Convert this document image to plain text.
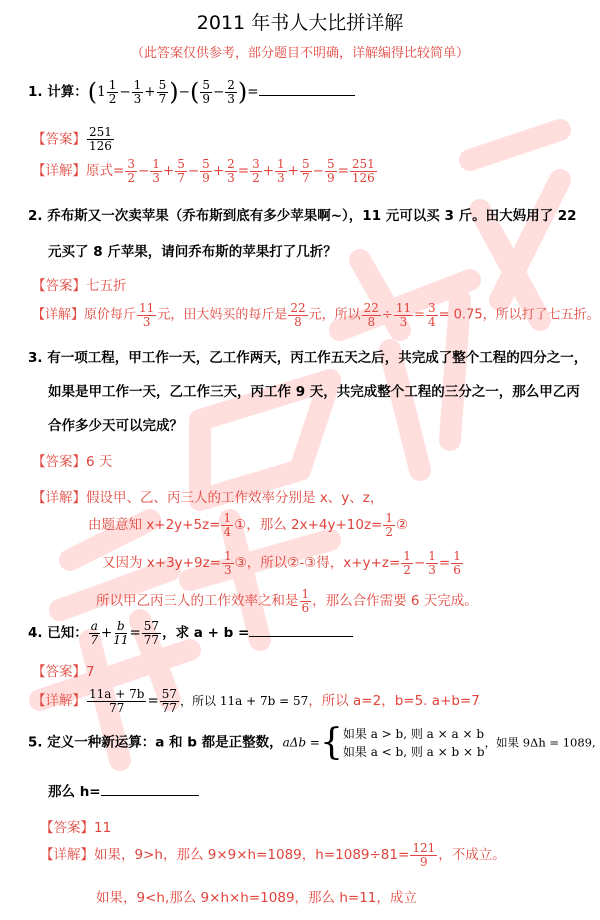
2011 年书人大比拼详解
（此答案仅供参考，部分题目不明确，详解编得比较简单）
1. 计算：($1 \frac{1}{2} - \frac{1}{3} + \frac{5}{7}$ )−( $\frac{5}{9} - \frac{2}{3}$ )=
【答案】 $\frac{251}{126}$
【详解】原式= $\frac{3}{2} - \frac{1}{3} + \frac{5}{7} - \frac{5}{9} + \frac{2}{3} = \frac{3}{2} + \frac{1}{3} + \frac{5}{7} - \frac{5}{9} = \frac{251}{126}$
2. 乔布斯又一次卖苹果（乔布斯到底有多少苹果啊~），11 元可以买 3 斤。田大妈用了 22
元买了 8 斤苹果，请问乔布斯的苹果打了几折？
【答案】七五折
【详解】原价每斤 $\frac{11}{3}$ 元，田大妈买的每斤是 $\frac{22}{8}$ 元，所以 $\frac{22}{8} \div \frac{11}{3} = \frac{3}{4} = 0.75$，所以打了七五折。
3. 有一项工程，甲工作一天，乙工作两天，丙工作五天之后，共完成了整个工程的四分之一，
如果是甲工作一天，乙工作三天，丙工作 9 天，共完成整个工程的三分之一，那么甲乙丙
合作多少天可以完成？
【答案】6 天
【详解】假设甲、乙、丙三人的工作效率分别是 x、y、z，
由题意知 $x+2y+5z= \frac{1}{4}$ ①，那么 $2x+4y+10z= \frac{1}{2}$ ②
又因为 $x+3y+9z= \frac{1}{3}$ ③，所以②-③得，$x+y+z= \frac{1}{2} - \frac{1}{3} = \frac{1}{6}$
所以甲乙丙三人的工作效率之和是 $\frac{1}{6}$ ，那么合作需要 6 天完成。
4. 已知： $\frac{a}{7} + \frac{b}{11} = \frac{57}{77}$ ，求 a + b =
【答案】7
【详解】 $\frac{11a + 7b}{77} = \frac{57}{77}$ ，所以 11a + 7b = 57，所以 a=2，b=5. a+b=7
5. 定义一种新运算：a 和 b 都是正整数，aΔb ={ 如果 a > b, 则 a × a × b
如果 a < b, 则 a × b × b
，如果 9Δh = 1089,
那么 h=
【答案】11
【详解】如果，9>h，那么 9×9×h=1089，$h=1089\div 81= \frac{121}{9}$ ，不成立。
如果，9<h,那么 9×h×h=1089，那么 h=11，成立
